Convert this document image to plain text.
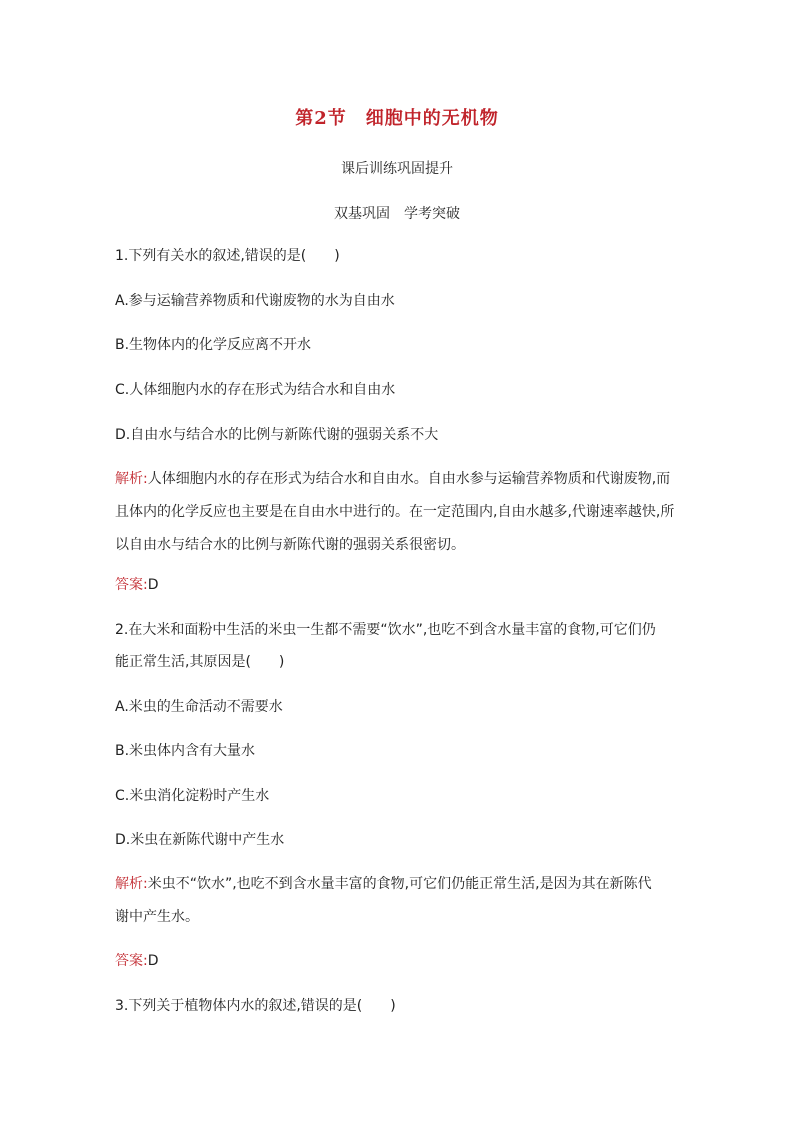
第2节　细胞中的无机物
课后训练巩固提升
双基巩固　学考突破
1.下列有关水的叙述,错误的是(　　)
A.参与运输营养物质和代谢废物的水为自由水
B.生物体内的化学反应离不开水
C.人体细胞内水的存在形式为结合水和自由水
D.自由水与结合水的比例与新陈代谢的强弱关系不大
解析:人体细胞内水的存在形式为结合水和自由水。自由水参与运输营养物质和代谢废物,而
且体内的化学反应也主要是在自由水中进行的。在一定范围内,自由水越多,代谢速率越快,所
以自由水与结合水的比例与新陈代谢的强弱关系很密切。
答案:D
2.在大米和面粉中生活的米虫一生都不需要“饮水”,也吃不到含水量丰富的食物,可它们仍
能正常生活,其原因是(　　)
A.米虫的生命活动不需要水
B.米虫体内含有大量水
C.米虫消化淀粉时产生水
D.米虫在新陈代谢中产生水
解析:米虫不“饮水”,也吃不到含水量丰富的食物,可它们仍能正常生活,是因为其在新陈代
谢中产生水。
答案:D
3.下列关于植物体内水的叙述,错误的是(　　)
